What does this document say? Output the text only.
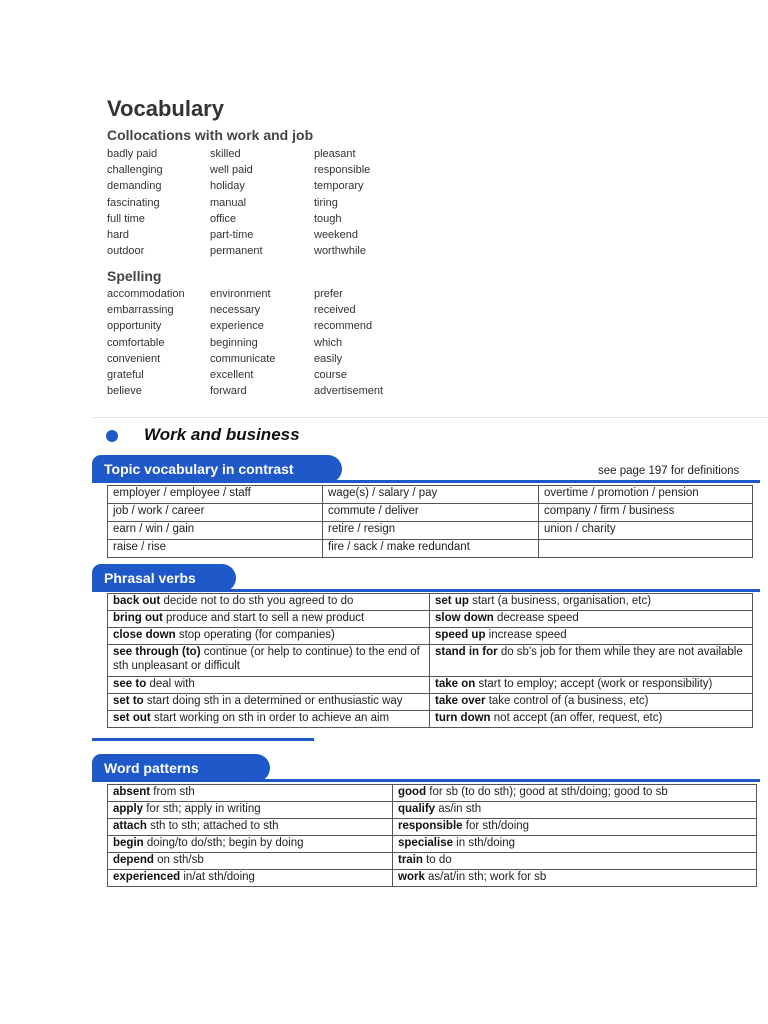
Vocabulary
Collocations with work and job
badly paid	skilled	pleasant
challenging	well paid	responsible
demanding	holiday	temporary
fascinating	manual	tiring
full time	office	tough
hard	part-time	weekend
outdoor	permanent	worthwhile
Spelling
accommodation	environment	prefer
embarrassing	necessary	received
opportunity	experience	recommend
comfortable	beginning	which
convenient	communicate	easily
grateful	excellent	course
believe	forward	advertisement
Work and business
Topic vocabulary in contrast	see page 197 for definitions
employer / employee / staff	wage(s) / salary / pay	overtime / promotion / pension
job / work / career	commute / deliver	company / firm / business
earn / win / gain	retire / resign	union / charity
raise / rise	fire / sack / make redundant	
Phrasal verbs
back out decide not to do sth you agreed to do	set up start (a business, organisation, etc)
bring out produce and start to sell a new product	slow down decrease speed
close down stop operating (for companies)	speed up increase speed
see through (to) continue (or help to continue) to the end of sth unpleasant or difficult	stand in for do sb's job for them while they are not available
see to deal with	take on start to employ; accept (work or responsibility)
set to start doing sth in a determined or enthusiastic way	take over take control of (a business, etc)
set out start working on sth in order to achieve an aim	turn down not accept (an offer, request, etc)
Word patterns
absent from sth	good for sb (to do sth); good at sth/doing; good to sb
apply for sth; apply in writing	qualify as/in sth
attach sth to sth; attached to sth	responsible for sth/doing
begin doing/to do/sth; begin by doing	specialise in sth/doing
depend on sth/sb	train to do
experienced in/at sth/doing	work as/at/in sth; work for sb
